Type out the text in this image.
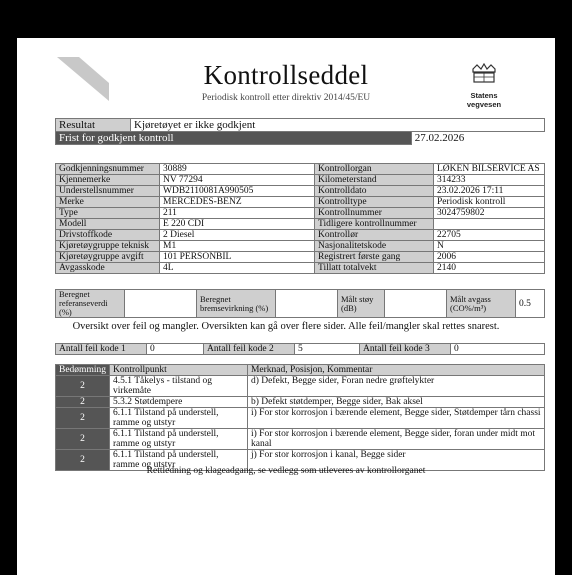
Kontrollseddel
Periodisk kontroll etter direktiv 2014/45/EU	Statens vegvesen
Resultat	Kjøretøyet er ikke godkjent	
Frist for godkjent kontroll		27.02.2026
Godkjenningsnummer	30889	Kontrollorgan	LØKEN BILSERVICE AS
Kjennemerke	NV 77294	Kilometerstand	314233
Understellsnummer	WDB2110081A990505	Kontrolldato	23.02.2026 17:11
Merke	MERCEDES-BENZ	Kontrolltype	Periodisk kontroll
Type	211	Kontrollnummer	3024759802
Modell	E 220 CDI	Tidligere kontrollnummer	
Drivstoffkode	2 Diesel	Kontrollør	22705
Kjøretøygruppe teknisk	M1	Nasjonalitetskode	N
Kjøretøygruppe avgift	101 PERSONBIL	Registrert første gang	2006
Avgasskode	4L	Tillatt totalvekt	2140
Beregnet referanseverdi (%)		Beregnet bremsevirkning (%)		Målt støy (dB)		Målt avgass (CO%/m³)	0.5
Oversikt over feil og mangler. Oversikten kan gå over flere sider. Alle feil/mangler skal rettes snarest.
Antall feil kode 1	0	Antall feil kode 2	5	Antall feil kode 3	0
Bedømming	Kontrollpunkt	Merknad, Posisjon, Kommentar
2	4.5.1 Tåkelys - tilstand og virkemåte	d) Defekt, Begge sider, Foran nedre grøftelykter
2	5.3.2 Støtdempere	b) Defekt støtdemper, Begge sider, Bak aksel
2	6.1.1 Tilstand på understell, ramme og utstyr	i) For stor korrosjon i bærende element, Begge sider, Støtdemper tårn chassi
2	6.1.1 Tilstand på understell, ramme og utstyr	i) For stor korrosjon i bærende element, Begge sider, foran under midt mot kanal
2	6.1.1 Tilstand på understell, ramme og utstyr	j) For stor korrosjon i kanal, Begge sider
Rettledning og klageadgang, se vedlegg som utleveres av kontrollorganet
